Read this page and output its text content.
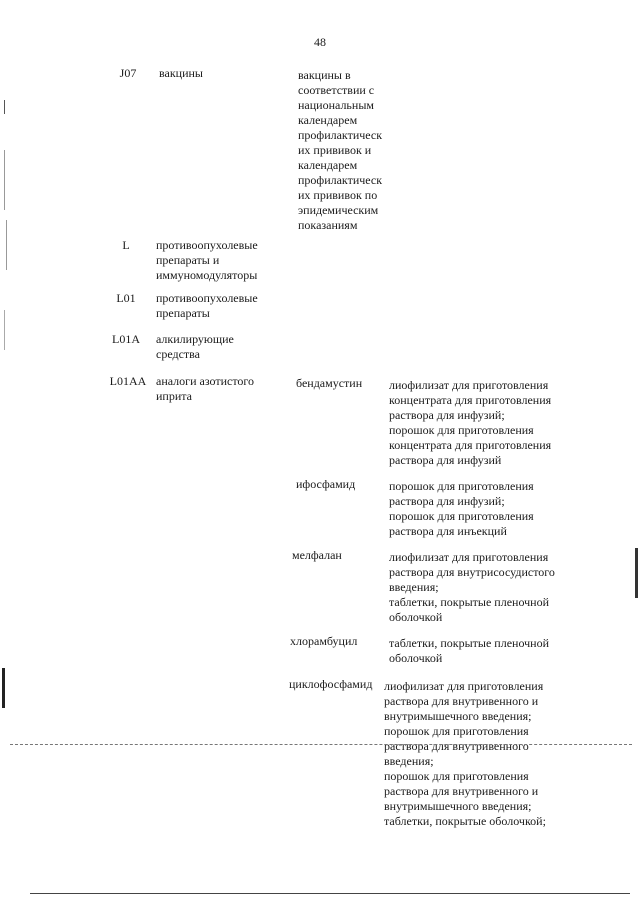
48
J07	вакцины	вакцины в
соответствии с
национальным
календарем
профилактическ
их прививок и
календарем
профилактическ
их прививок по
эпидемическим
показаниям
L	противоопухолевые
препараты и
иммуномодуляторы
L01	противоопухолевые
препараты
L01A	алкилирующие
средства
L01AA аналоги азотистого
иприта
бендамустин	лиофилизат для приготовления
концентрата для приготовления
раствора для инфузий;
порошок для приготовления
концентрата для приготовления
раствора для инфузий
ифосфамид	порошок для приготовления
раствора для инфузий;
порошок для приготовления
раствора для инъекций
мелфалан	лиофилизат для приготовления
раствора для внутрисосудистого
введения;
таблетки, покрытые пленочной
оболочкой
хлорамбуцил	таблетки, покрытые пленочной
оболочкой
циклофосфамид лиофилизат для приготовления
раствора для внутривенного и
внутримышечного введения;
порошок для приготовления
раствора для внутривенного
введения;
порошок для приготовления
раствора для внутривенного и
внутримышечного введения;
таблетки, покрытые оболочкой;
